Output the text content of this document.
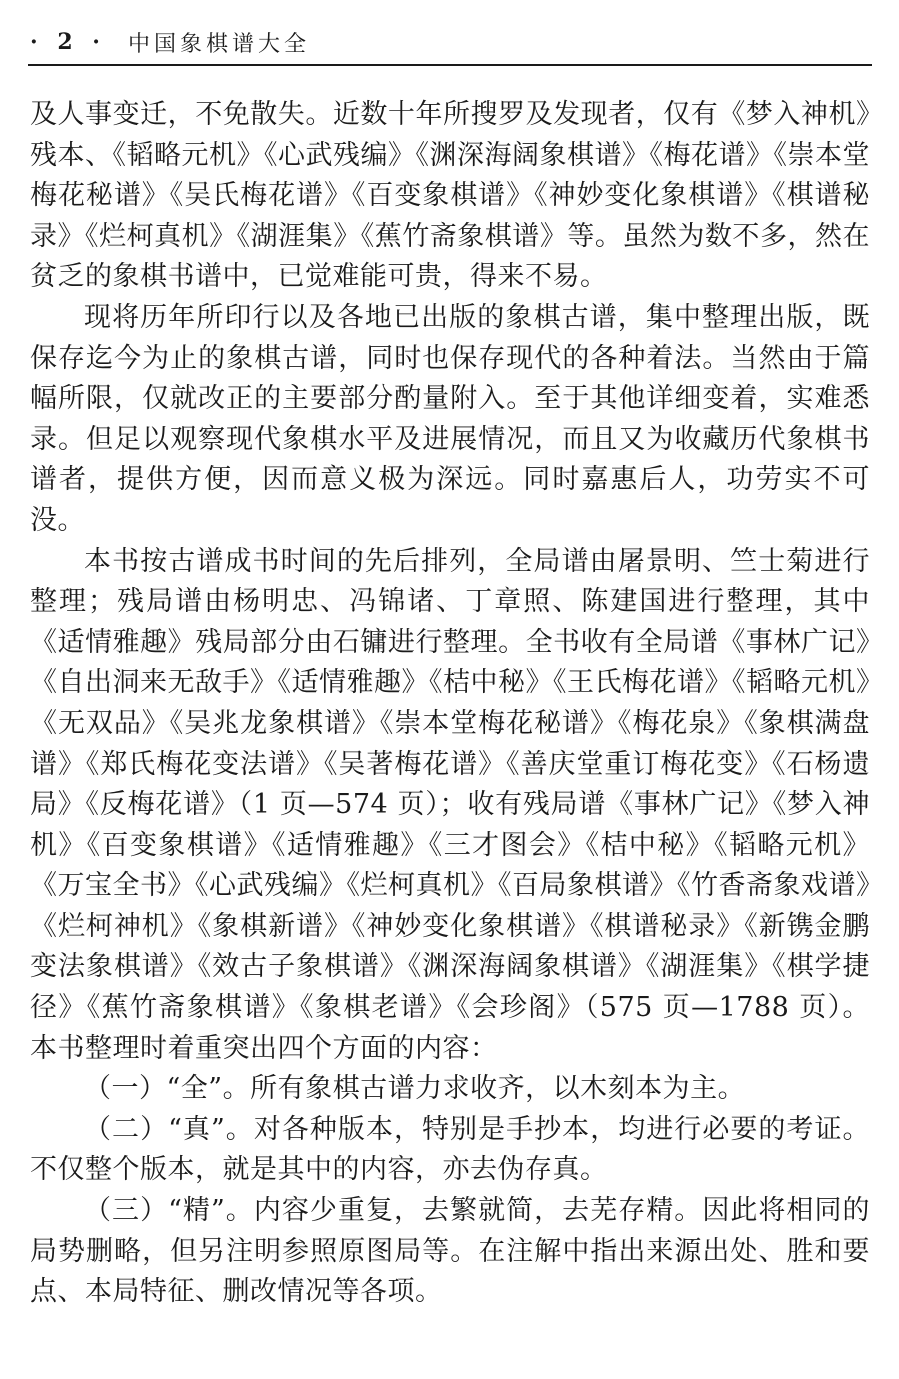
· 2 · 中国象棋谱大全

及人事变迁，不免散失。近数十年所搜罗及发现者，仅有《梦入神机》残本、《韬略元机》《心武残编》《渊深海阔象棋谱》《梅花谱》《崇本堂梅花秘谱》《吴氏梅花谱》《百变象棋谱》《神妙变化象棋谱》《棋谱秘录》《烂柯真机》《湖涯集》《蕉竹斋象棋谱》等。虽然为数不多，然在贫乏的象棋书谱中，已觉难能可贵，得来不易。

现将历年所印行以及各地已出版的象棋古谱，集中整理出版，既保存迄今为止的象棋古谱，同时也保存现代的各种着法。当然由于篇幅所限，仅就改正的主要部分酌量附入。至于其他详细变着，实难悉录。但足以观察现代象棋水平及进展情况，而且又为收藏历代象棋书谱者，提供方便，因而意义极为深远。同时嘉惠后人，功劳实不可没。

本书按古谱成书时间的先后排列，全局谱由屠景明、竺士菊进行整理；残局谱由杨明忠、冯锦诸、丁章照、陈建国进行整理，其中《适情雅趣》残局部分由石镛进行整理。全书收有全局谱《事林广记》《自出洞来无敌手》《适情雅趣》《桔中秘》《王氏梅花谱》《韬略元机》《无双品》《吴兆龙象棋谱》《崇本堂梅花秘谱》《梅花泉》《象棋满盘谱》《郑氏梅花变法谱》《吴著梅花谱》《善庆堂重订梅花变》《石杨遗局》《反梅花谱》（1 页—574 页）；收有残局谱《事林广记》《梦入神机》《百变象棋谱》《适情雅趣》《三才图会》《桔中秘》《韬略元机》《万宝全书》《心武残编》《烂柯真机》《百局象棋谱》《竹香斋象戏谱》《烂柯神机》《象棋新谱》《神妙变化象棋谱》《棋谱秘录》《新镌金鹏变法象棋谱》《效古子象棋谱》《渊深海阔象棋谱》《湖涯集》《棋学捷径》《蕉竹斋象棋谱》《象棋老谱》《会珍阁》（575 页—1788 页）。本书整理时着重突出四个方面的内容：

（一）“全”。所有象棋古谱力求收齐，以木刻本为主。

（二）“真”。对各种版本，特别是手抄本，均进行必要的考证。不仅整个版本，就是其中的内容，亦去伪存真。

（三）“精”。内容少重复，去繁就简，去芜存精。因此将相同的局势删略，但另注明参照原图局等。在注解中指出来源出处、胜和要点、本局特征、删改情况等各项。
